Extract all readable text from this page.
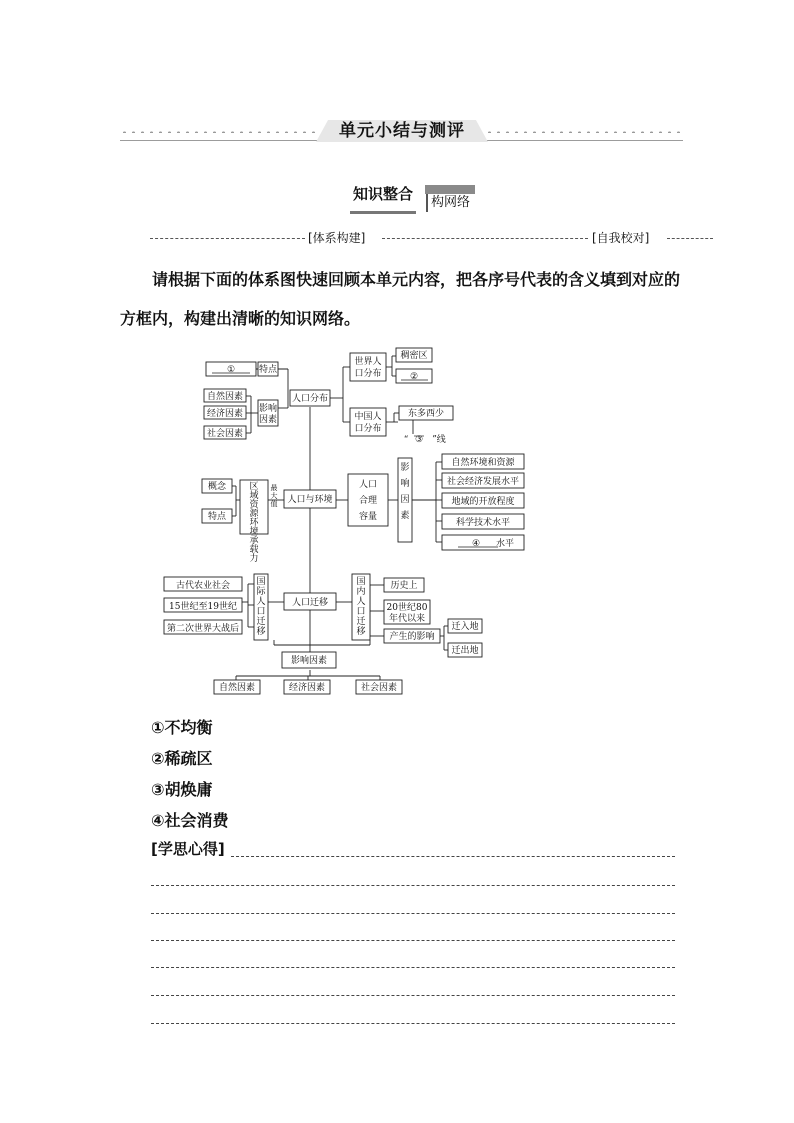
单元小结与测评
知识整合	构网络
[体系构建]	[自我校对]
请根据下面的体系图快速回顾本单元内容，把各序号代表的含义填到对应的方框内，构建出清晰的知识网络。
①	特点
人口分布
自然因素
经济因素
社会因素
影响因素
世界人口分布
稠密区
②
中国人口分布
东多西少
“ ③ ”线
概念
特点
区域资源环境承载力
最大值 人口与环境
人口合理容量
影响因素
自然环境和资源
社会经济发展水平
地域的开放程度
科学技术水平
④ 水平
古代农业社会
15世纪至19世纪
第二次世界大战后
国际人口迁移
人口迁移
国内人口迁移
历史上
20世纪80 年代以来
产生的影响
迁入地
迁出地
影响因素
自然因素	经济因素	社会因素
①不均衡
②稀疏区
③胡焕庸
④社会消费
[学思心得]
